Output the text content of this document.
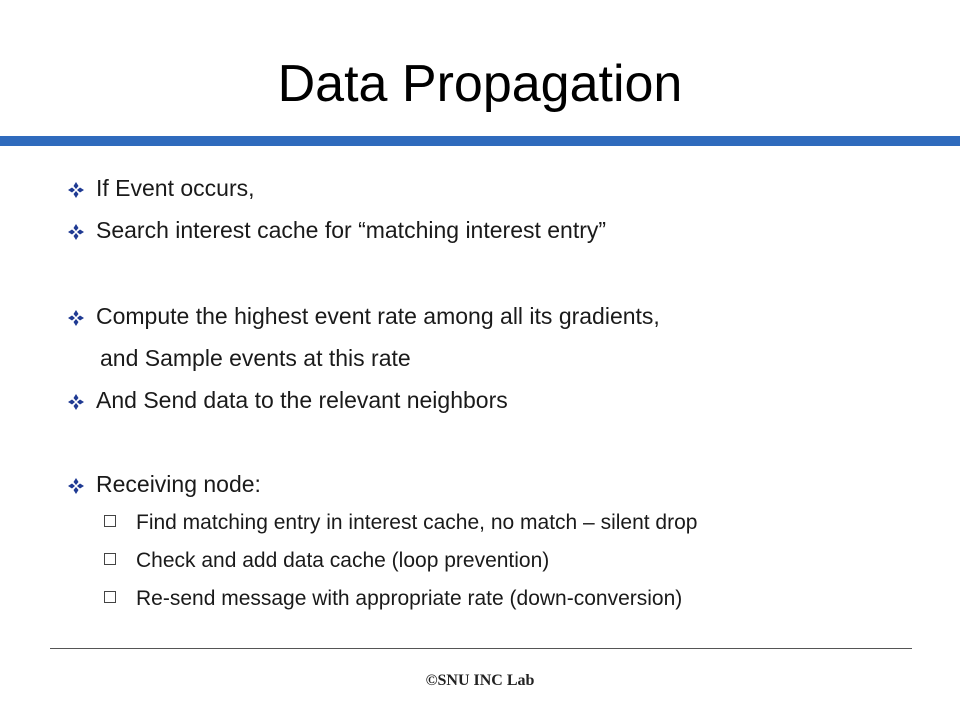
Data Propagation
If Event occurs,
Search interest cache for “matching interest entry”
Compute the highest event rate among all its gradients,
and Sample events at this rate
And Send data to the relevant neighbors
Receiving node:
Find matching entry in interest cache, no match – silent drop
Check and add data cache (loop prevention)
Re-send message with appropriate rate (down-conversion)
©SNU INC Lab
